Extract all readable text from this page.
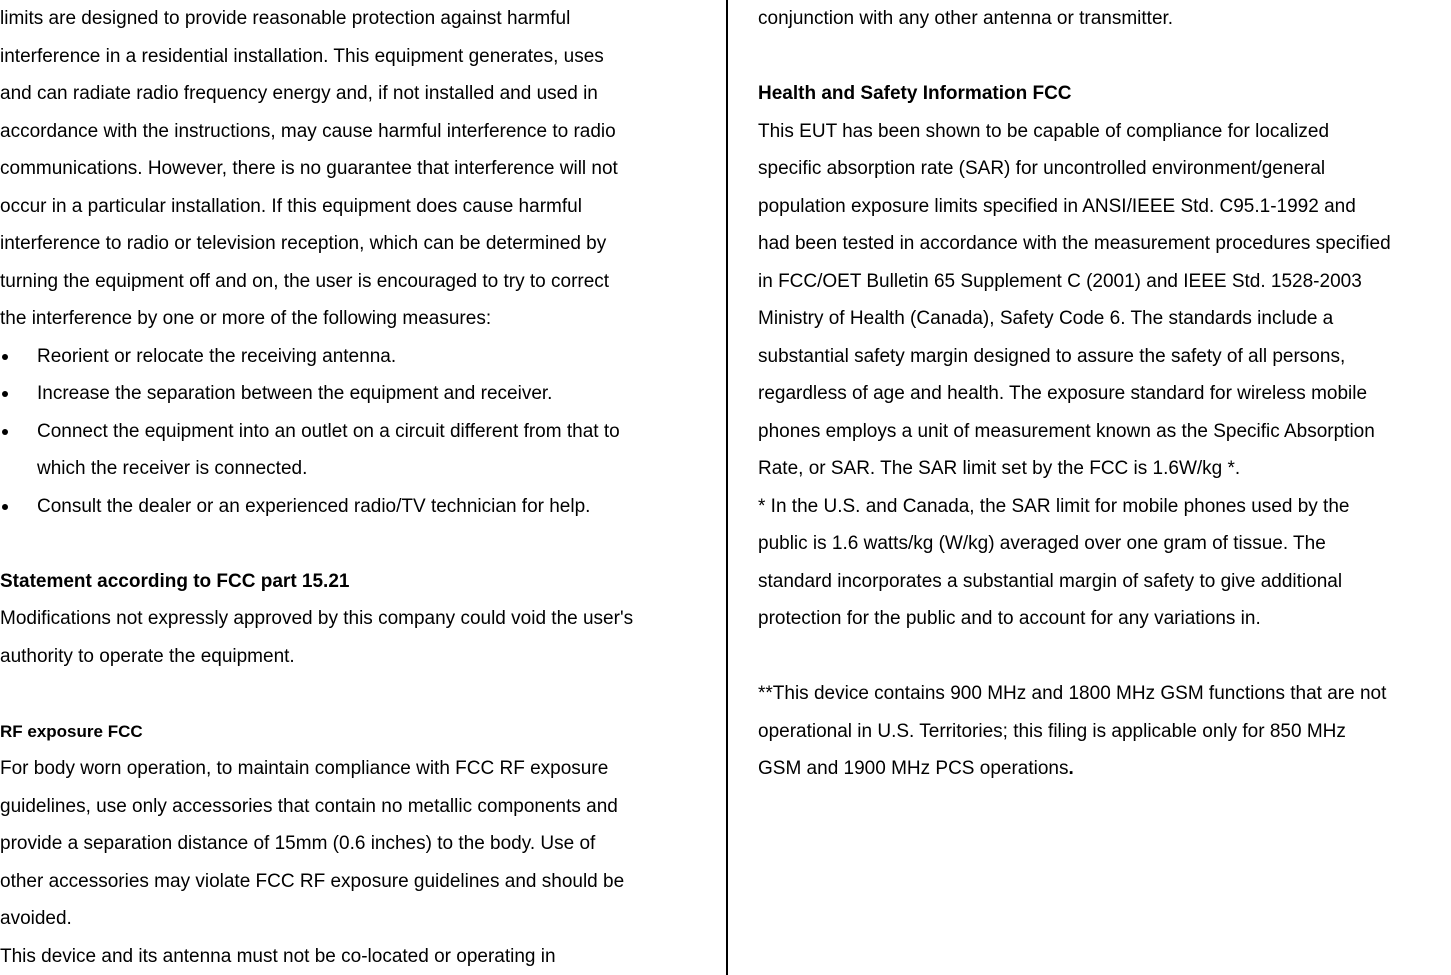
limits are designed to provide reasonable protection against harmful
interference in a residential installation. This equipment generates, uses
and can radiate radio frequency energy and, if not installed and used in
accordance with the instructions, may cause harmful interference to radio
communications. However, there is no guarantee that interference will not
occur in a particular installation. If this equipment does cause harmful
interference to radio or television reception, which can be determined by
turning the equipment off and on, the user is encouraged to try to correct
the interference by one or more of the following measures:

Reorient or relocate the receiving antenna.
Increase the separation between the equipment and receiver.
Connect the equipment into an outlet on a circuit different from that to
which the receiver is connected.
Consult the dealer or an experienced radio/TV technician for help.

Statement according to FCC part 15.21

Modifications not expressly approved by this company could void the user's
authority to operate the equipment.

RF exposure FCC

For body worn operation, to maintain compliance with FCC RF exposure
guidelines, use only accessories that contain no metallic components and
provide a separation distance of 15mm (0.6 inches) to the body. Use of
other accessories may violate FCC RF exposure guidelines and should be
avoided.
This device and its antenna must not be co-located or operating in

conjunction with any other antenna or transmitter.

Health and Safety Information FCC

This EUT has been shown to be capable of compliance for localized
specific absorption rate (SAR) for uncontrolled environment/general
population exposure limits specified in ANSI/IEEE Std. C95.1-1992 and
had been tested in accordance with the measurement procedures specified
in FCC/OET Bulletin 65 Supplement C (2001) and IEEE Std. 1528-2003
Ministry of Health (Canada), Safety Code 6. The standards include a
substantial safety margin designed to assure the safety of all persons,
regardless of age and health. The exposure standard for wireless mobile
phones employs a unit of measurement known as the Specific Absorption
Rate, or SAR. The SAR limit set by the FCC is 1.6W/kg *.
* In the U.S. and Canada, the SAR limit for mobile phones used by the
public is 1.6 watts/kg (W/kg) averaged over one gram of tissue. The
standard incorporates a substantial margin of safety to give additional
protection for the public and to account for any variations in.

**This device contains 900 MHz and 1800 MHz GSM functions that are not
operational in U.S. Territories; this filing is applicable only for 850 MHz
GSM and 1900 MHz PCS operations.
